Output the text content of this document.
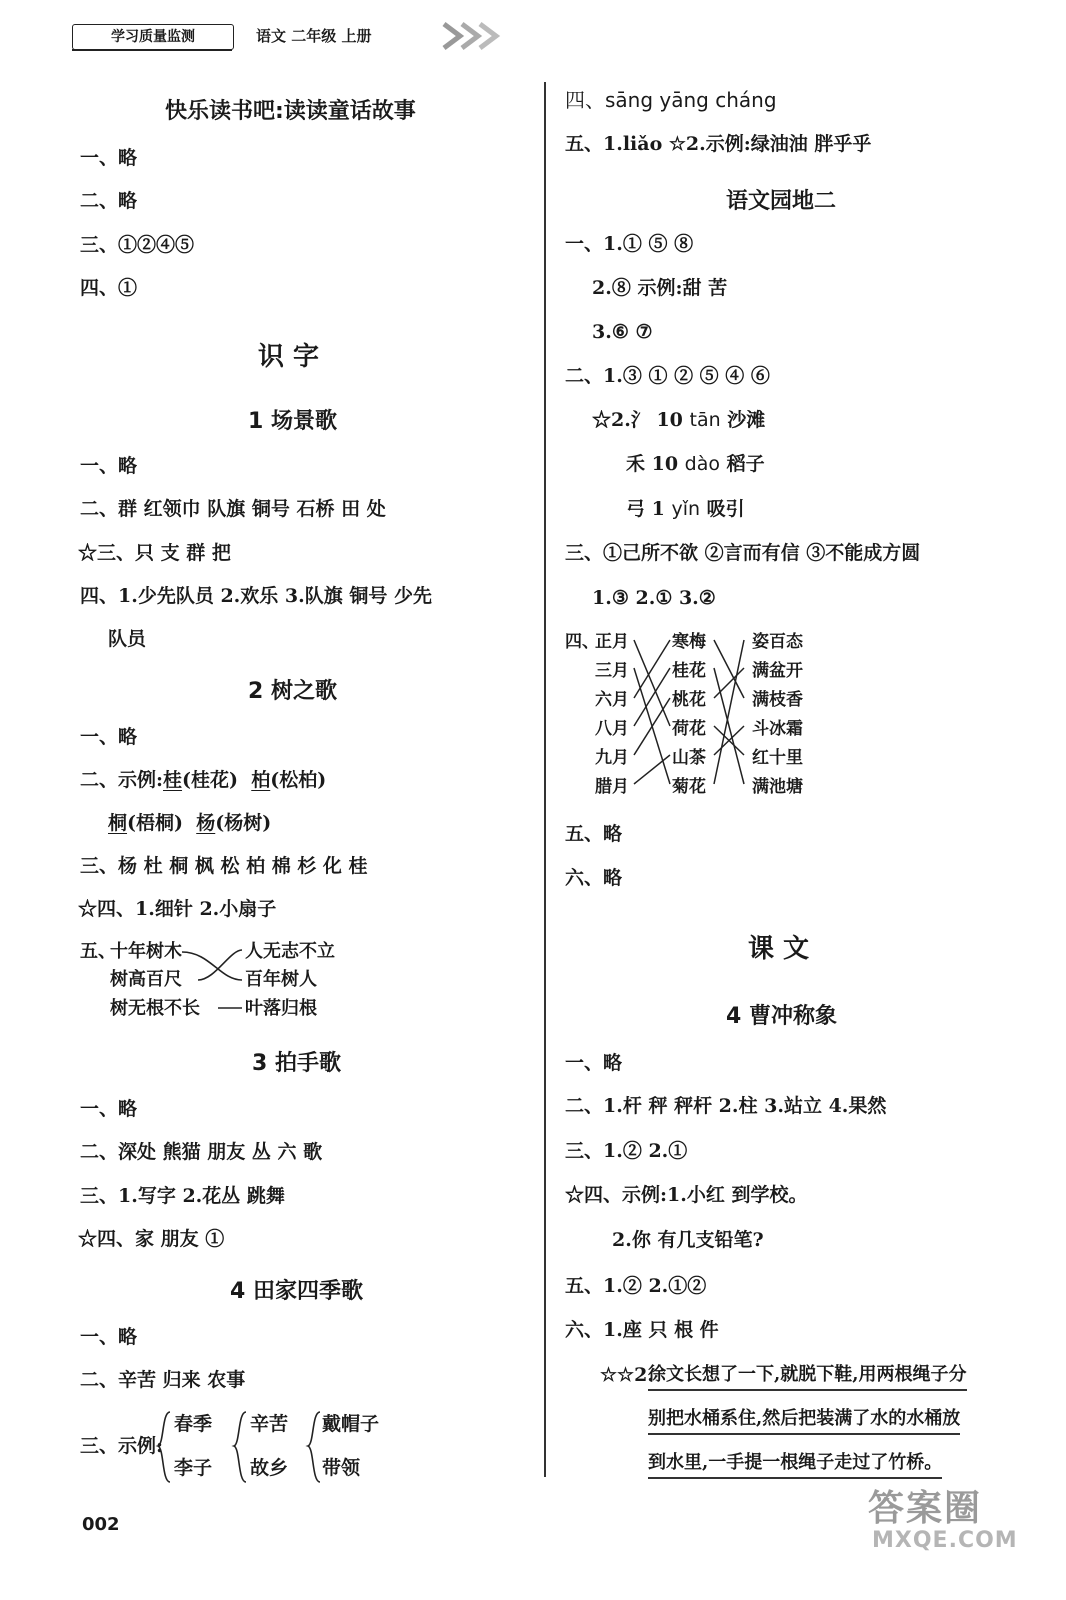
学习质量监测	语文 二年级 上册
快乐读书吧:读读童话故事
一、略
二、略
三、①②④⑤
四、①
识 字
1 场景歌
一、略
二、群 红领巾 队旗 铜号 石桥 田 处
☆三、只 支 群 把
四、1.少先队员 2.欢乐 3.队旗 铜号 少先
队员
2 树之歌
一、略
二、示例:桂(桂花) 柏(松柏)
桐(梧桐) 杨(杨树)
三、杨 杜 桐 枫 松 柏 棉 杉 化 桂
☆四、1.细针 2.小扇子
五、
十年树木
树高百尺
树无根不长
人无志不立
百年树人
叶落归根
3 拍手歌
一、略
二、深处 熊猫 朋友 丛 六 歌
三、1.写字 2.花丛 跳舞
☆四、家 朋友 ①
4 田家四季歌
一、略
二、辛苦 归来 农事
三、示例:
春季
李子
辛苦
故乡
戴帽子
带领
四、sāng yāng cháng
五、1.liǎo ☆2.示例:绿油油 胖乎乎
语文园地二
一、1.① ⑤ ⑧
2.⑧ 示例:甜 苦
3.⑥ ⑦
二、1.③ ① ② ⑤ ④ ⑥
☆2.氵 10 tān 沙滩
禾 10 dào 稻子
弓 1 yǐn 吸引
三、①己所不欲 ②言而有信 ③不能成方圆
1.③ 2.① 3.②
四、
五、略
六、略
课 文
4 曹冲称象
一、略
二、1.杆 秤 秤杆 2.柱 3.站立 4.果然
三、1.② 2.①
☆四、示例:1.小红 到学校。
2.你 有几支铅笔?
五、1.② 2.①②
六、1.座 只 根 件
☆☆2.
徐文长想了一下,就脱下鞋,用两根绳子分
别把水桶系住,然后把装满了水的水桶放
到水里,一手提一根绳子走过了竹桥。
002	答案圈
MXQE.COM
正月
三月
六月
八月
九月
腊月
寒梅
桂花
桃花
荷花
山茶
菊花
姿百态
满盆开
满枝香
斗冰霜
红十里
满池塘
